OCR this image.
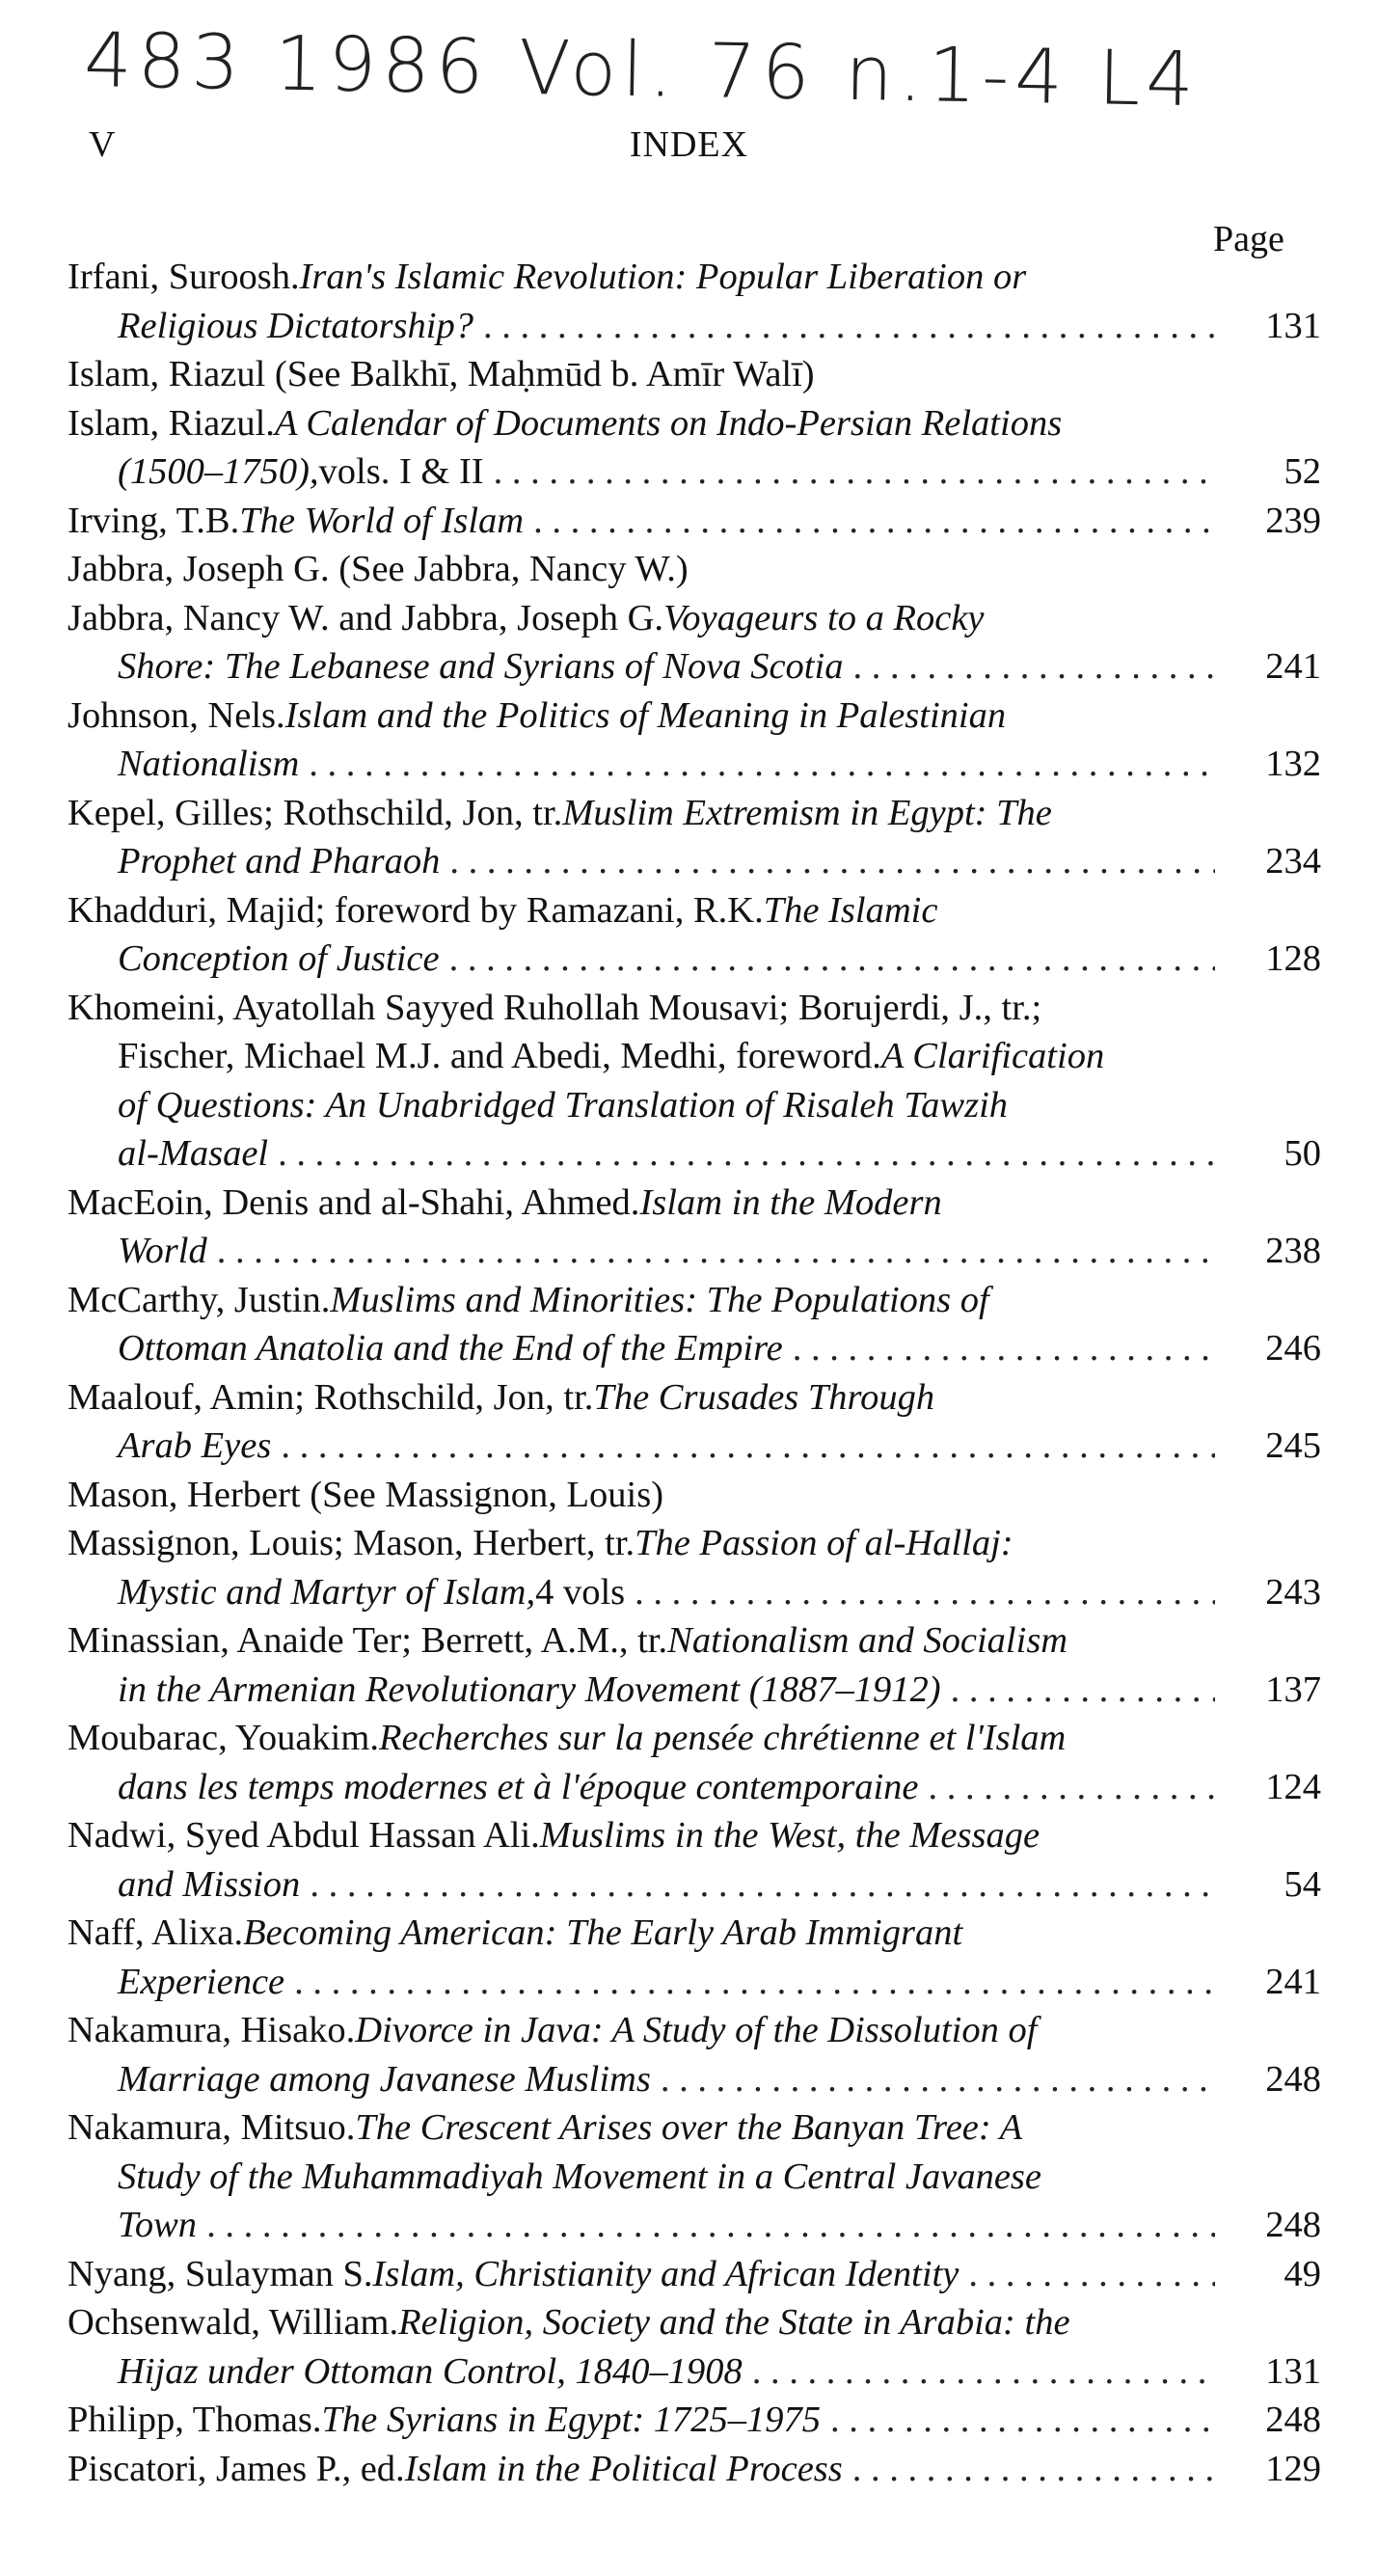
483 1986 Vol. 76 n.1-4 L4
V	INDEX
Page
Irfani, Suroosh. Iran's Islamic Revolution: Popular Liberation or
Religious Dictatorship? . . .	131
Islam, Riazul (See Balkhī, Maḥmūd b. Amīr Walī)
Islam, Riazul. A Calendar of Documents on Indo-Persian Relations
(1500–1750), vols. I & II . . .	52
Irving, T.B. The World of Islam . . .	239
Jabbra, Joseph G. (See Jabbra, Nancy W.)
Jabbra, Nancy W. and Jabbra, Joseph G. Voyageurs to a Rocky
Shore: The Lebanese and Syrians of Nova Scotia . . .	241
Johnson, Nels. Islam and the Politics of Meaning in Palestinian
Nationalism . . .	132
Kepel, Gilles; Rothschild, Jon, tr. Muslim Extremism in Egypt: The
Prophet and Pharaoh . . .	234
Khadduri, Majid; foreword by Ramazani, R.K. The Islamic
Conception of Justice . . .	128
Khomeini, Ayatollah Sayyed Ruhollah Mousavi; Borujerdi, J., tr.;
Fischer, Michael M.J. and Abedi, Medhi, foreword. A Clarification
of Questions: An Unabridged Translation of Risaleh Tawzih
al-Masael . . .	50
MacEoin, Denis and al-Shahi, Ahmed. Islam in the Modern
World . . .	238
McCarthy, Justin. Muslims and Minorities: The Populations of
Ottoman Anatolia and the End of the Empire . . .	246
Maalouf, Amin; Rothschild, Jon, tr. The Crusades Through
Arab Eyes . . .	245
Mason, Herbert (See Massignon, Louis)
Massignon, Louis; Mason, Herbert, tr. The Passion of al-Hallaj:
Mystic and Martyr of Islam, 4 vols . . .	243
Minassian, Anaide Ter; Berrett, A.M., tr. Nationalism and Socialism
in the Armenian Revolutionary Movement (1887–1912) . . .	137
Moubarac, Youakim. Recherches sur la pensée chrétienne et l'Islam
dans les temps modernes et à l'époque contemporaine . . .	124
Nadwi, Syed Abdul Hassan Ali. Muslims in the West, the Message
and Mission . . .	54
Naff, Alixa. Becoming American: The Early Arab Immigrant
Experience . . .	241
Nakamura, Hisako. Divorce in Java: A Study of the Dissolution of
Marriage among Javanese Muslims . . .	248
Nakamura, Mitsuo. The Crescent Arises over the Banyan Tree: A
Study of the Muhammadiyah Movement in a Central Javanese
Town . . .	248
Nyang, Sulayman S. Islam, Christianity and African Identity . . .	49
Ochsenwald, William. Religion, Society and the State in Arabia: the
Hijaz under Ottoman Control, 1840–1908 . . .	131
Philipp, Thomas. The Syrians in Egypt: 1725–1975 . . .	248
Piscatori, James P., ed. Islam in the Political Process . . .	129
